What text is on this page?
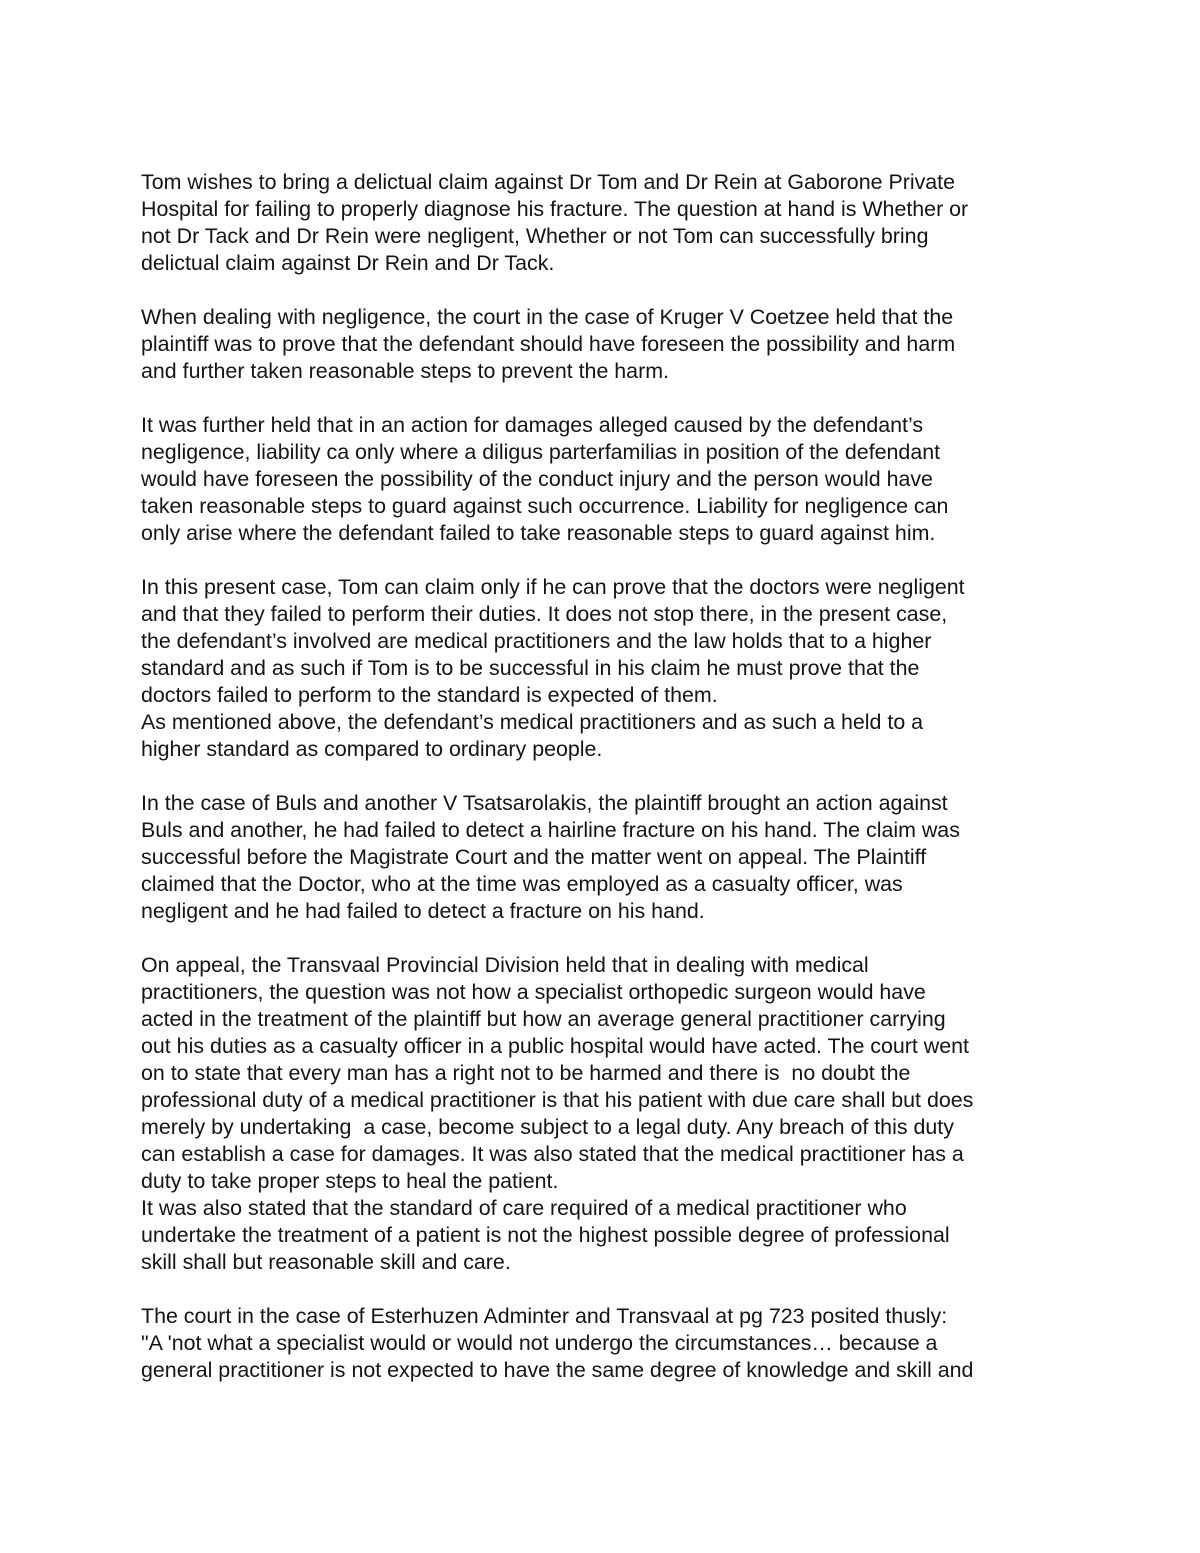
Tom wishes to bring a delictual claim against Dr Tom and Dr Rein at Gaborone Private
Hospital for failing to properly diagnose his fracture. The question at hand is Whether or
not Dr Tack and Dr Rein were negligent, Whether or not Tom can successfully bring
delictual claim against Dr Rein and Dr Tack.

When dealing with negligence, the court in the case of Kruger V Coetzee held that the
plaintiff was to prove that the defendant should have foreseen the possibility and harm
and further taken reasonable steps to prevent the harm.

It was further held that in an action for damages alleged caused by the defendant’s
negligence, liability ca only where a diligus parterfamilias in position of the defendant
would have foreseen the possibility of the conduct injury and the person would have
taken reasonable steps to guard against such occurrence. Liability for negligence can
only arise where the defendant failed to take reasonable steps to guard against him.

In this present case, Tom can claim only if he can prove that the doctors were negligent
and that they failed to perform their duties. It does not stop there, in the present case,
the defendant’s involved are medical practitioners and the law holds that to a higher
standard and as such if Tom is to be successful in his claim he must prove that the
doctors failed to perform to the standard is expected of them.
As mentioned above, the defendant’s medical practitioners and as such a held to a
higher standard as compared to ordinary people.

In the case of Buls and another V Tsatsarolakis, the plaintiff brought an action against
Buls and another, he had failed to detect a hairline fracture on his hand. The claim was
successful before the Magistrate Court and the matter went on appeal. The Plaintiff
claimed that the Doctor, who at the time was employed as a casualty officer, was
negligent and he had failed to detect a fracture on his hand.

On appeal, the Transvaal Provincial Division held that in dealing with medical
practitioners, the question was not how a specialist orthopedic surgeon would have
acted in the treatment of the plaintiff but how an average general practitioner carrying
out his duties as a casualty officer in a public hospital would have acted. The court went
on to state that every man has a right not to be harmed and there is  no doubt the
professional duty of a medical practitioner is that his patient with due care shall but does
merely by undertaking  a case, become subject to a legal duty. Any breach of this duty
can establish a case for damages. It was also stated that the medical practitioner has a
duty to take proper steps to heal the patient.
It was also stated that the standard of care required of a medical practitioner who
undertake the treatment of a patient is not the highest possible degree of professional
skill shall but reasonable skill and care.

The court in the case of Esterhuzen Adminter and Transvaal at pg 723 posited thusly:
"A 'not what a specialist would or would not undergo the circumstances… because a
general practitioner is not expected to have the same degree of knowledge and skill and
